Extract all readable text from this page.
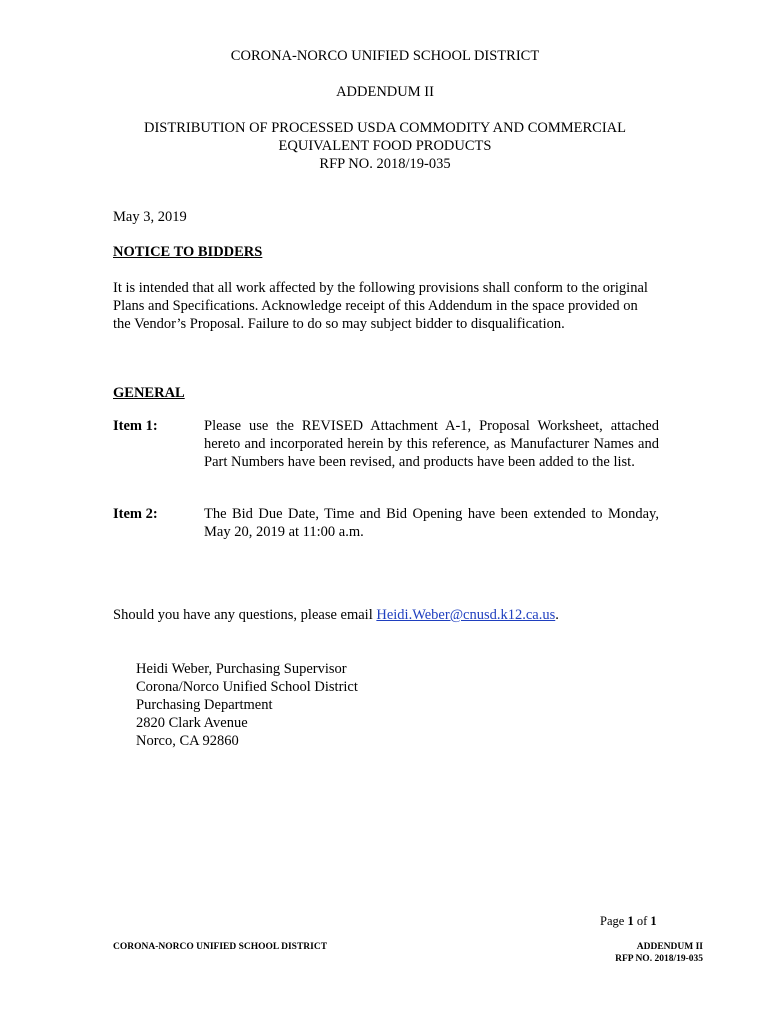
CORONA-NORCO UNIFIED SCHOOL DISTRICT
ADDENDUM II
DISTRIBUTION OF PROCESSED USDA COMMODITY AND COMMERCIAL
EQUIVALENT FOOD PRODUCTS
RFP NO. 2018/19-035
May 3, 2019
NOTICE TO BIDDERS
It is intended that all work affected by the following provisions shall conform to the original Plans and Specifications. Acknowledge receipt of this Addendum in the space provided on the Vendor’s Proposal. Failure to do so may subject bidder to disqualification.
GENERAL
Item 1:	Please use the REVISED Attachment A-1, Proposal Worksheet, attached hereto and incorporated herein by this reference, as Manufacturer Names and Part Numbers have been revised, and products have been added to the list.
Item 2:	The Bid Due Date, Time and Bid Opening have been extended to Monday, May 20, 2019 at 11:00 a.m.
Should you have any questions, please email Heidi.Weber@cnusd.k12.ca.us.
Heidi Weber, Purchasing Supervisor
Corona/Norco Unified School District
Purchasing Department
2820 Clark Avenue
Norco, CA 92860
Page 1 of 1
CORONA-NORCO UNIFIED SCHOOL DISTRICT	ADDENDUM II
RFP NO. 2018/19-035
